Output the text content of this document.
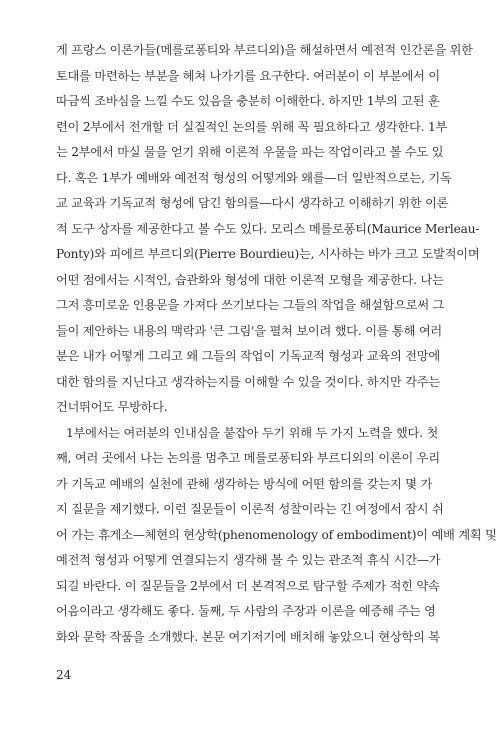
게 프랑스 이론가들(메를로퐁티와 부르디외)을 해설하면서 예전적 인간론을 위한
토대를 마련하는 부분을 헤쳐 나가기를 요구한다. 여러분이 이 부분에서 이
따금씩 조바심을 느낄 수도 있음을 충분히 이해한다. 하지만 1부의 고된 훈
련이 2부에서 전개할 더 실질적인 논의를 위해 꼭 필요하다고 생각한다. 1부
는 2부에서 마실 물을 얻기 위해 이론적 우물을 파는 작업이라고 볼 수도 있
다. 혹은 1부가 예배와 예전적 형성의 어떻게와 왜를—더 일반적으로는, 기독
교 교육과 기독교적 형성에 담긴 함의를—다시 생각하고 이해하기 위한 이론
적 도구 상자를 제공한다고 볼 수도 있다. 모리스 메를로퐁티(Maurice Merleau-
Ponty)와 피에르 부르디외(Pierre Bourdieu)는, 시사하는 바가 크고 도발적이며
어떤 점에서는 시적인, 습관화와 형성에 대한 이론적 모형을 제공한다. 나는
그저 흥미로운 인용문을 가져다 쓰기보다는 그들의 작업을 해설함으로써 그
들이 제안하는 내용의 맥락과 '큰 그림'을 펼쳐 보이려 했다. 이를 통해 여러
분은 내가 어떻게 그리고 왜 그들의 작업이 기독교적 형성과 교육의 전망에
대한 함의를 지닌다고 생각하는지를 이해할 수 있을 것이다. 하지만 각주는
건너뛰어도 무방하다.
1부에서는 여러분의 인내심을 붙잡아 두기 위해 두 가지 노력을 했다. 첫
째, 여러 곳에서 나는 논의를 멈추고 메를로퐁티와 부르디외의 이론이 우리
가 기독교 예배의 실천에 관해 생각하는 방식에 어떤 함의를 갖는지 몇 가
지 질문을 제기했다. 이런 질문들이 이론적 성찰이라는 긴 여정에서 잠시 쉬
어 가는 휴게소—체현의 현상학(phenomenology of embodiment)이 예배 계획 및
예전적 형성과 어떻게 연결되는지 생각해 볼 수 있는 관조적 휴식 시간—가
되길 바란다. 이 질문들을 2부에서 더 본격적으로 탐구할 주제가 적힌 약속
어음이라고 생각해도 좋다. 둘째, 두 사람의 주장과 이론을 예증해 주는 영
화와 문학 작품을 소개했다. 본문 여기저기에 배치해 놓았으니 현상학의 복
24
